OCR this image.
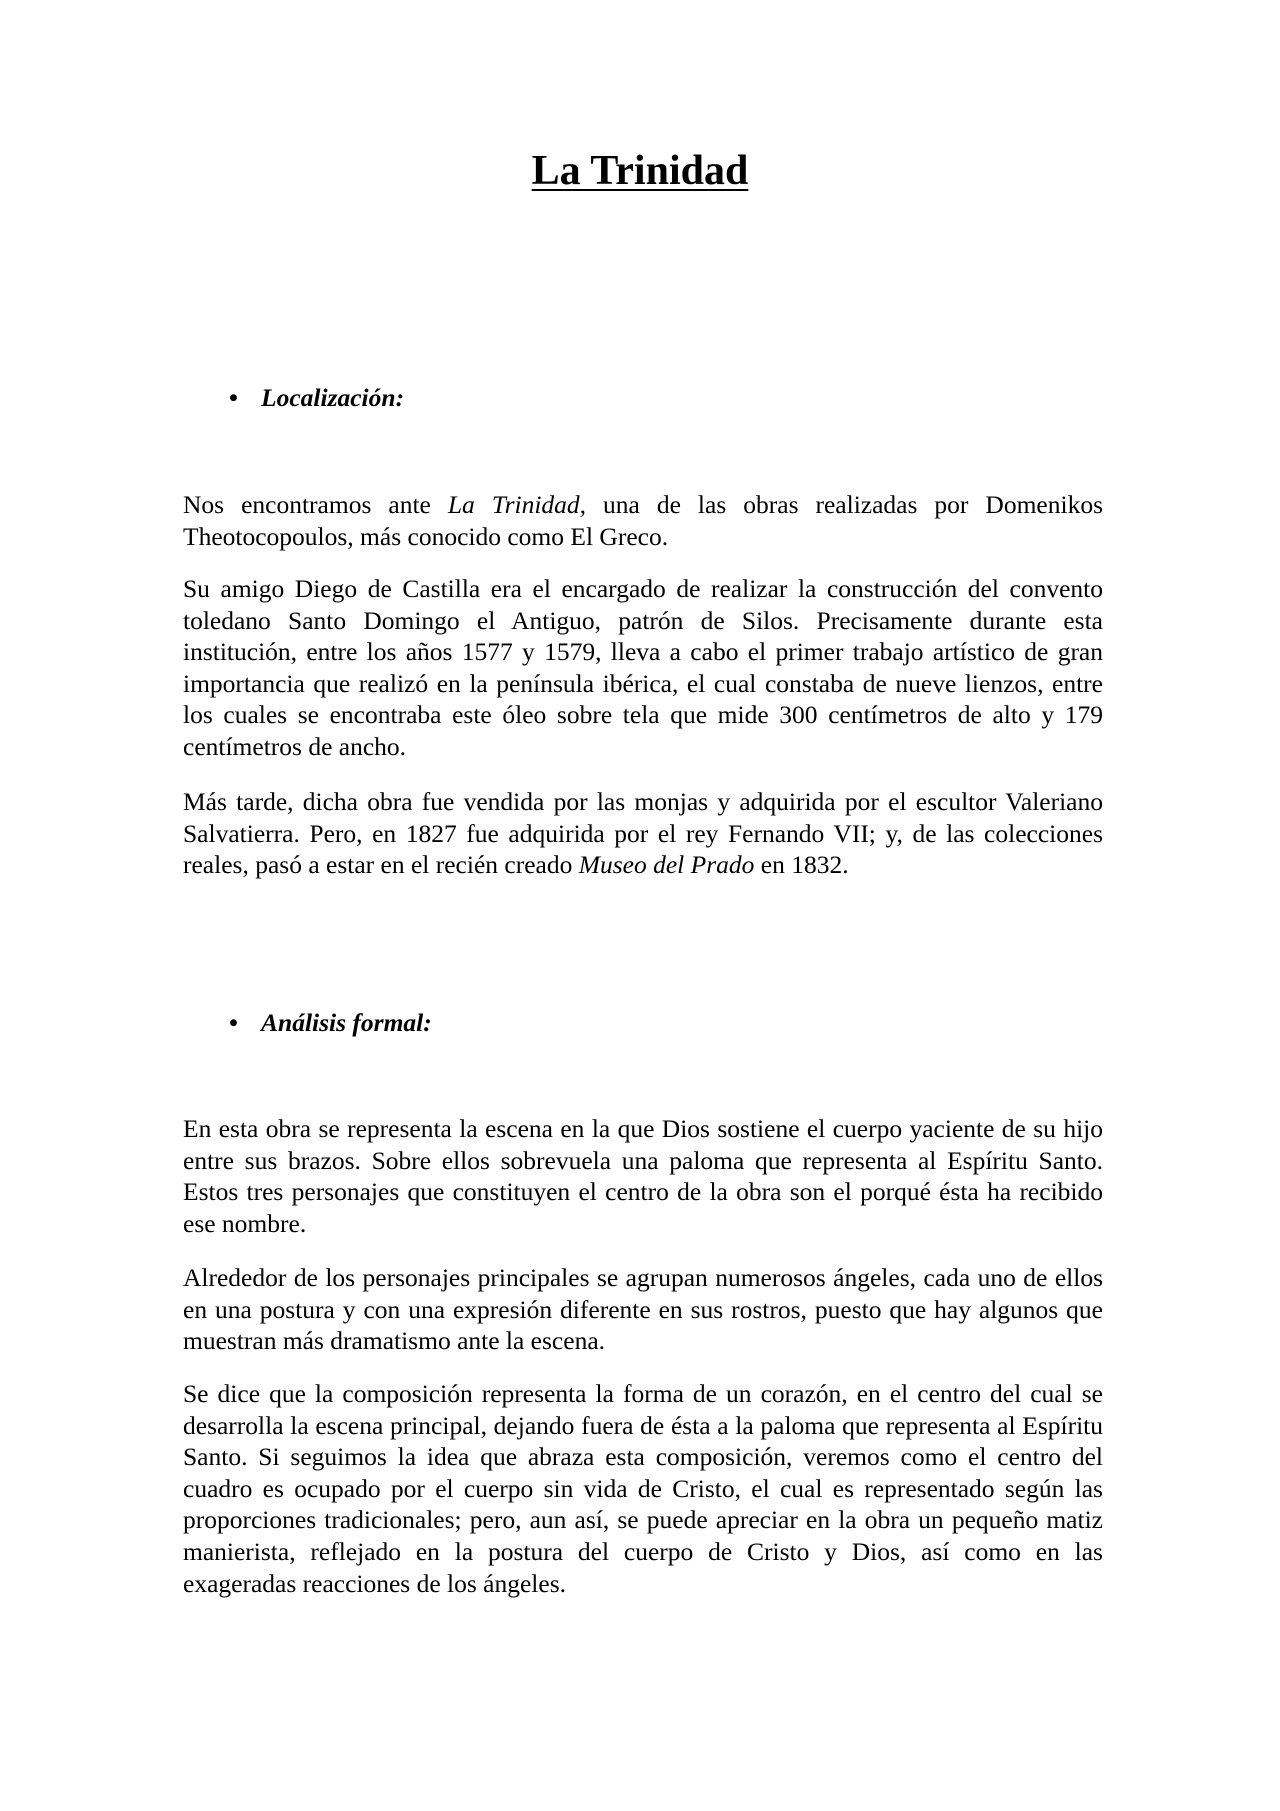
La Trinidad
• Localización:

Nos encontramos ante La Trinidad, una de las obras realizadas por Domenikos Theotocopoulos, más conocido como El Greco.

Su amigo Diego de Castilla era el encargado de realizar la construcción del convento toledano Santo Domingo el Antiguo, patrón de Silos. Precisamente durante esta institución, entre los años 1577 y 1579, lleva a cabo el primer trabajo artístico de gran importancia que realizó en la península ibérica, el cual constaba de nueve lienzos, entre los cuales se encontraba este óleo sobre tela que mide 300 centímetros de alto y 179 centímetros de ancho.

Más tarde, dicha obra fue vendida por las monjas y adquirida por el escultor Valeriano Salvatierra. Pero, en 1827 fue adquirida por el rey Fernando VII; y, de las colecciones reales, pasó a estar en el recién creado Museo del Prado en 1832.

• Análisis formal:

En esta obra se representa la escena en la que Dios sostiene el cuerpo yaciente de su hijo entre sus brazos. Sobre ellos sobrevuela una paloma que representa al Espíritu Santo. Estos tres personajes que constituyen el centro de la obra son el porqué ésta ha recibido ese nombre.

Alrededor de los personajes principales se agrupan numerosos ángeles, cada uno de ellos en una postura y con una expresión diferente en sus rostros, puesto que hay algunos que muestran más dramatismo ante la escena.

Se dice que la composición representa la forma de un corazón, en el centro del cual se desarrolla la escena principal, dejando fuera de ésta a la paloma que representa al Espíritu Santo. Si seguimos la idea que abraza esta composición, veremos como el centro del cuadro es ocupado por el cuerpo sin vida de Cristo, el cual es representado según las proporciones tradicionales; pero, aun así, se puede apreciar en la obra un pequeño matiz manierista, reflejado en la postura del cuerpo de Cristo y Dios, así como en las exageradas reacciones de los ángeles.
